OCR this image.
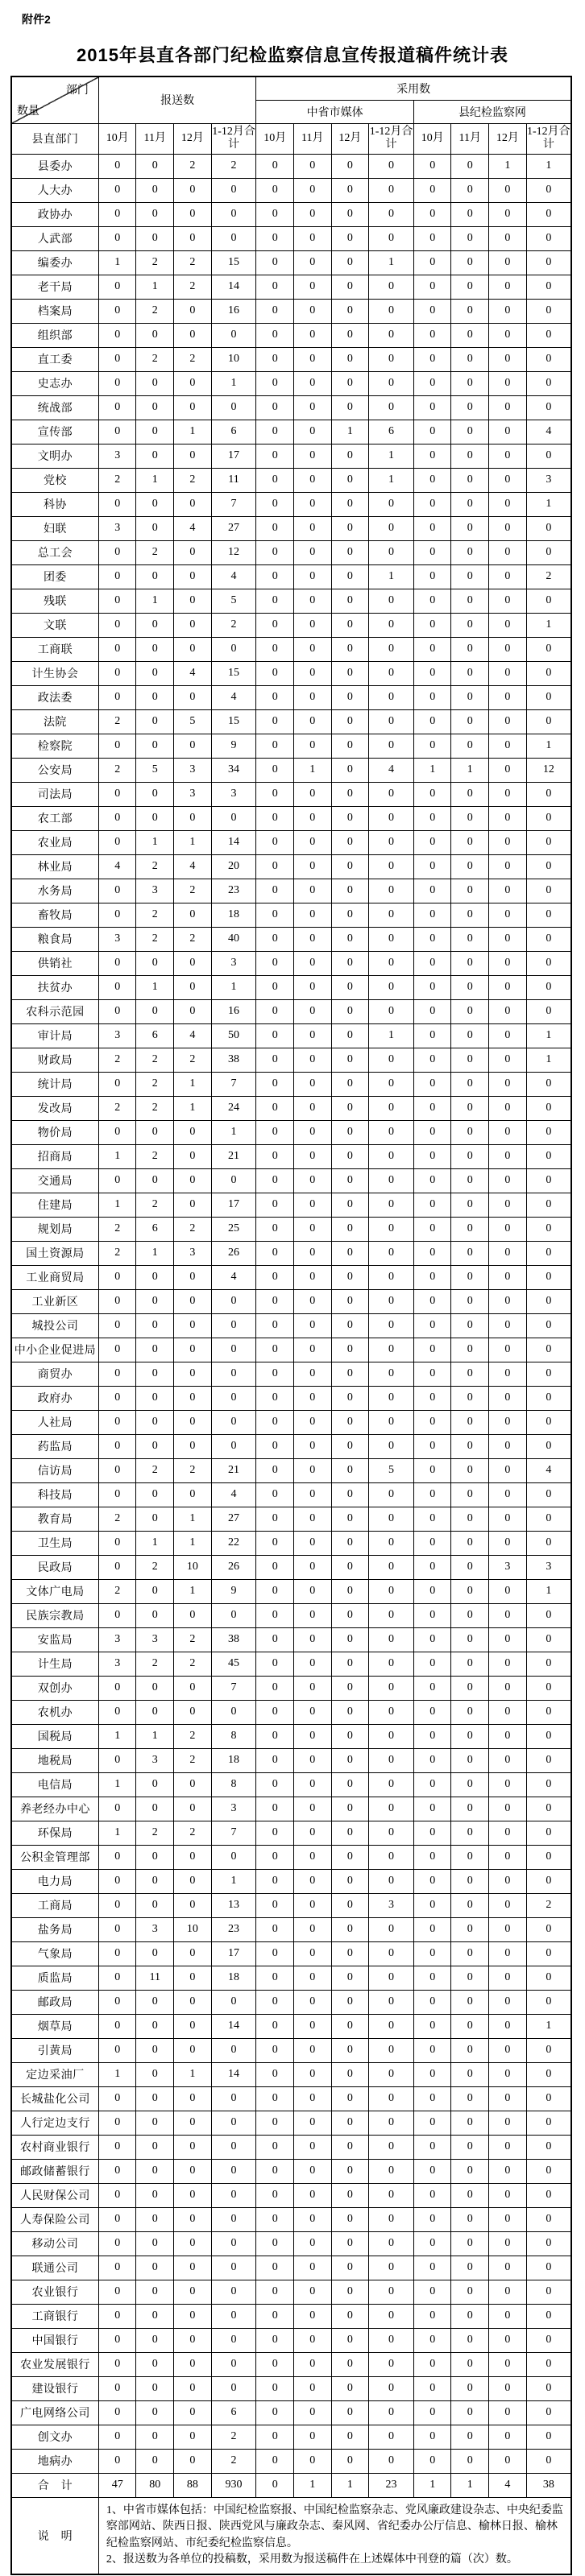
附件2
2015年县直各部门纪检监察信息宣传报道稿件统计表
部门
数量	报送数				采用数							
					中省市媒体				县纪检监察网			
县直部门	10月	11月	12月	1-12月合计	10月	11月	12月	1-12月合计	10月	11月	12月	1-12月合计
县委办	0	0	2	2	0	0	0	0	0	0	1	1
人大办	0	0	0	0	0	0	0	0	0	0	0	0
政协办	0	0	0	0	0	0	0	0	0	0	0	0
人武部	0	0	0	0	0	0	0	0	0	0	0	0
编委办	1	2	2	15	0	0	0	1	0	0	0	0
老干局	0	1	2	14	0	0	0	0	0	0	0	0
档案局	0	2	0	16	0	0	0	0	0	0	0	0
组织部	0	0	0	0	0	0	0	0	0	0	0	0
直工委	0	2	2	10	0	0	0	0	0	0	0	0
史志办	0	0	0	1	0	0	0	0	0	0	0	0
统战部	0	0	0	0	0	0	0	0	0	0	0	0
宣传部	0	0	1	6	0	0	1	6	0	0	0	4
文明办	3	0	0	17	0	0	0	1	0	0	0	0
党校	2	1	2	11	0	0	0	1	0	0	0	3
科协	0	0	0	7	0	0	0	0	0	0	0	1
妇联	3	0	4	27	0	0	0	0	0	0	0	0
总工会	0	2	0	12	0	0	0	0	0	0	0	0
团委	0	0	0	4	0	0	0	1	0	0	0	2
残联	0	1	0	5	0	0	0	0	0	0	0	0
文联	0	0	0	2	0	0	0	0	0	0	0	1
工商联	0	0	0	0	0	0	0	0	0	0	0	0
计生协会	0	0	4	15	0	0	0	0	0	0	0	0
政法委	0	0	0	4	0	0	0	0	0	0	0	0
法院	2	0	5	15	0	0	0	0	0	0	0	0
检察院	0	0	0	9	0	0	0	0	0	0	0	1
公安局	2	5	3	34	0	1	0	4	1	1	0	12
司法局	0	0	3	3	0	0	0	0	0	0	0	0
农工部	0	0	0	0	0	0	0	0	0	0	0	0
农业局	0	1	1	14	0	0	0	0	0	0	0	0
林业局	4	2	4	20	0	0	0	0	0	0	0	0
水务局	0	3	2	23	0	0	0	0	0	0	0	0
畜牧局	0	2	0	18	0	0	0	0	0	0	0	0
粮食局	3	2	2	40	0	0	0	0	0	0	0	0
供销社	0	0	0	3	0	0	0	0	0	0	0	0
扶贫办	0	1	0	1	0	0	0	0	0	0	0	0
农科示范园	0	0	0	16	0	0	0	0	0	0	0	0
审计局	3	6	4	50	0	0	0	1	0	0	0	1
财政局	2	2	2	38	0	0	0	0	0	0	0	1
统计局	0	2	1	7	0	0	0	0	0	0	0	0
发改局	2	2	1	24	0	0	0	0	0	0	0	0
物价局	0	0	0	1	0	0	0	0	0	0	0	0
招商局	1	2	0	21	0	0	0	0	0	0	0	0
交通局	0	0	0	0	0	0	0	0	0	0	0	0
住建局	1	2	0	17	0	0	0	0	0	0	0	0
规划局	2	6	2	25	0	0	0	0	0	0	0	0
国土资源局	2	1	3	26	0	0	0	0	0	0	0	0
工业商贸局	0	0	0	4	0	0	0	0	0	0	0	0
工业新区	0	0	0	0	0	0	0	0	0	0	0	0
城投公司	0	0	0	0	0	0	0	0	0	0	0	0
中小企业促进局	0	0	0	0	0	0	0	0	0	0	0	0
商贸办	0	0	0	0	0	0	0	0	0	0	0	0
政府办	0	0	0	0	0	0	0	0	0	0	0	0
人社局	0	0	0	0	0	0	0	0	0	0	0	0
药监局	0	0	0	0	0	0	0	0	0	0	0	0
信访局	0	2	2	21	0	0	0	5	0	0	0	4
科技局	0	0	0	4	0	0	0	0	0	0	0	0
教育局	2	0	1	27	0	0	0	0	0	0	0	0
卫生局	0	1	1	22	0	0	0	0	0	0	0	0
民政局	0	2	10	26	0	0	0	0	0	0	3	3
文体广电局	2	0	1	9	0	0	0	0	0	0	0	1
民族宗教局	0	0	0	0	0	0	0	0	0	0	0	0
安监局	3	3	2	38	0	0	0	0	0	0	0	0
计生局	3	2	2	45	0	0	0	0	0	0	0	0
双创办	0	0	0	7	0	0	0	0	0	0	0	0
农机办	0	0	0	0	0	0	0	0	0	0	0	0
国税局	1	1	2	8	0	0	0	0	0	0	0	0
地税局	0	3	2	18	0	0	0	0	0	0	0	0
电信局	1	0	0	8	0	0	0	0	0	0	0	0
养老经办中心	0	0	0	3	0	0	0	0	0	0	0	0
环保局	1	2	2	7	0	0	0	0	0	0	0	0
公积金管理部	0	0	0	0	0	0	0	0	0	0	0	0
电力局	0	0	0	1	0	0	0	0	0	0	0	0
工商局	0	0	0	13	0	0	0	3	0	0	0	2
盐务局	0	3	10	23	0	0	0	0	0	0	0	0
气象局	0	0	0	17	0	0	0	0	0	0	0	0
质监局	0	11	0	18	0	0	0	0	0	0	0	0
邮政局	0	0	0	0	0	0	0	0	0	0	0	0
烟草局	0	0	0	14	0	0	0	0	0	0	0	1
引黄局	0	0	0	0	0	0	0	0	0	0	0	0
定边采油厂	1	0	1	14	0	0	0	0	0	0	0	0
长城盐化公司	0	0	0	0	0	0	0	0	0	0	0	0
人行定边支行	0	0	0	0	0	0	0	0	0	0	0	0
农村商业银行	0	0	0	0	0	0	0	0	0	0	0	0
邮政储蓄银行	0	0	0	0	0	0	0	0	0	0	0	0
人民财保公司	0	0	0	0	0	0	0	0	0	0	0	0
人寿保险公司	0	0	0	0	0	0	0	0	0	0	0	0
移动公司	0	0	0	0	0	0	0	0	0	0	0	0
联通公司	0	0	0	0	0	0	0	0	0	0	0	0
农业银行	0	0	0	0	0	0	0	0	0	0	0	0
工商银行	0	0	0	0	0	0	0	0	0	0	0	0
中国银行	0	0	0	0	0	0	0	0	0	0	0	0
农业发展银行	0	0	0	0	0	0	0	0	0	0	0	0
建设银行	0	0	0	0	0	0	0	0	0	0	0	0
广电网络公司	0	0	0	6	0	0	0	0	0	0	0	0
创文办	0	0	0	2	0	0	0	0	0	0	0	0
地病办	0	0	0	2	0	0	0	0	0	0	0	0
合　计	47	80	88	930	0	1	1	23	1	1	4	38
说　明	1、中省市媒体包括：中国纪检监察报、中国纪检监察杂志、党风廉政建设杂志、中央纪委监察部网站、陕西日报、陕西党风与廉政杂志、秦风网、省纪委办公厅信息、榆林日报、榆林纪检监察网站、市纪委纪检监察信息。
2、报送数为各单位的投稿数，采用数为报送稿件在上述媒体中刊登的篇（次）数。											
